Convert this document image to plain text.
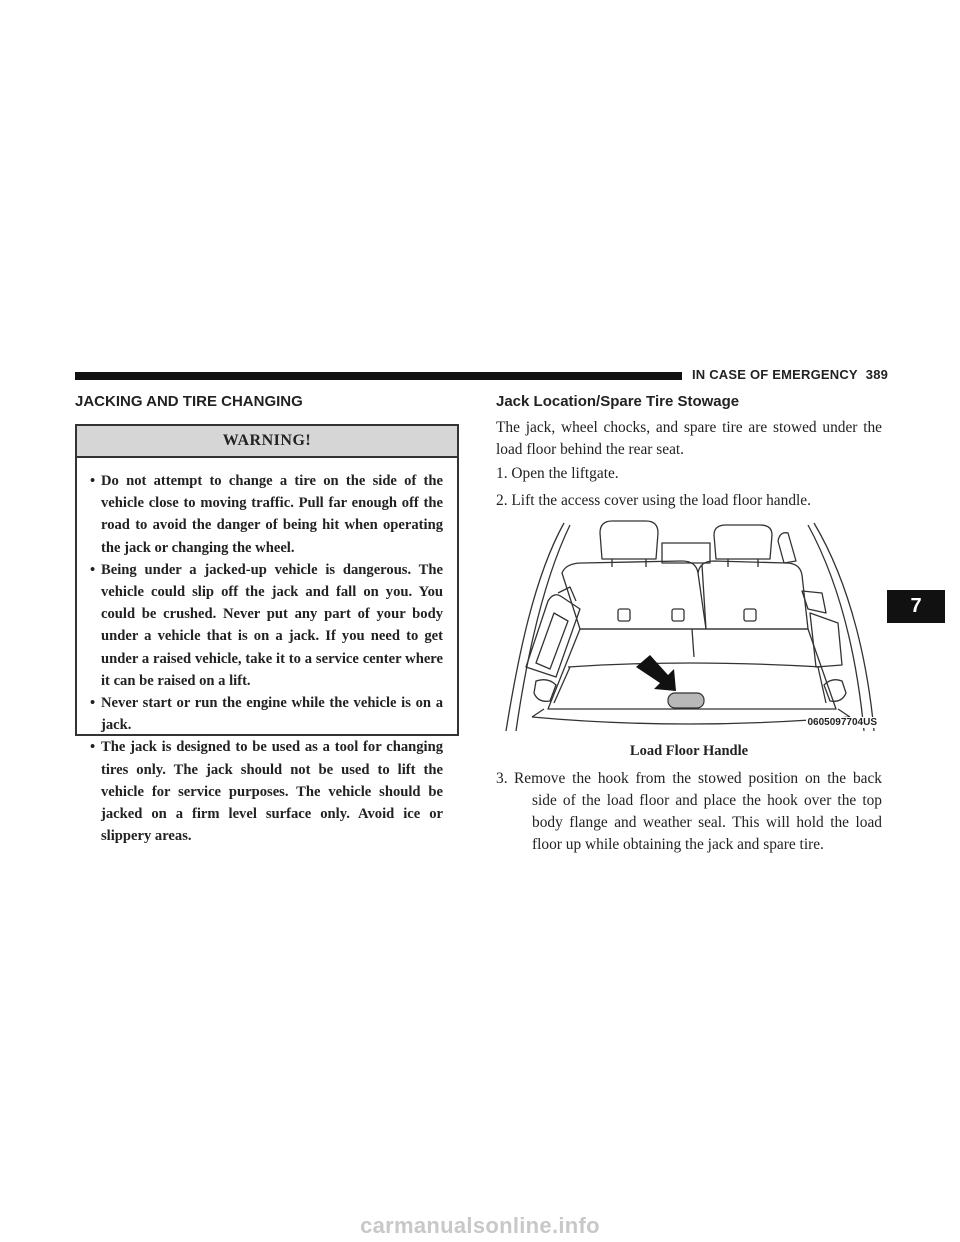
IN CASE OF EMERGENCY 389
JACKING AND TIRE CHANGING
WARNING!
• Do not attempt to change a tire on the side of the vehicle close to moving traffic. Pull far enough off the road to avoid the danger of being hit when operating the jack or changing the wheel.
• Being under a jacked-up vehicle is dangerous. The vehicle could slip off the jack and fall on you. You could be crushed. Never put any part of your body under a vehicle that is on a jack. If you need to get under a raised vehicle, take it to a service center where it can be raised on a lift.
• Never start or run the engine while the vehicle is on a jack.
• The jack is designed to be used as a tool for changing tires only. The jack should not be used to lift the vehicle for service purposes. The vehicle should be jacked on a firm level surface only. Avoid ice or slippery areas.
Jack Location/Spare Tire Stowage

The jack, wheel chocks, and spare tire are stowed under the load floor behind the rear seat.

1. Open the liftgate.

2. Lift the access cover using the load floor handle.

0605097704US
Load Floor Handle
3. Remove the hook from the stowed position on the back side of the load floor and place the hook over the top body flange and weather seal. This will hold the load floor up while obtaining the jack and spare tire.
7
carmanualsonline.info
